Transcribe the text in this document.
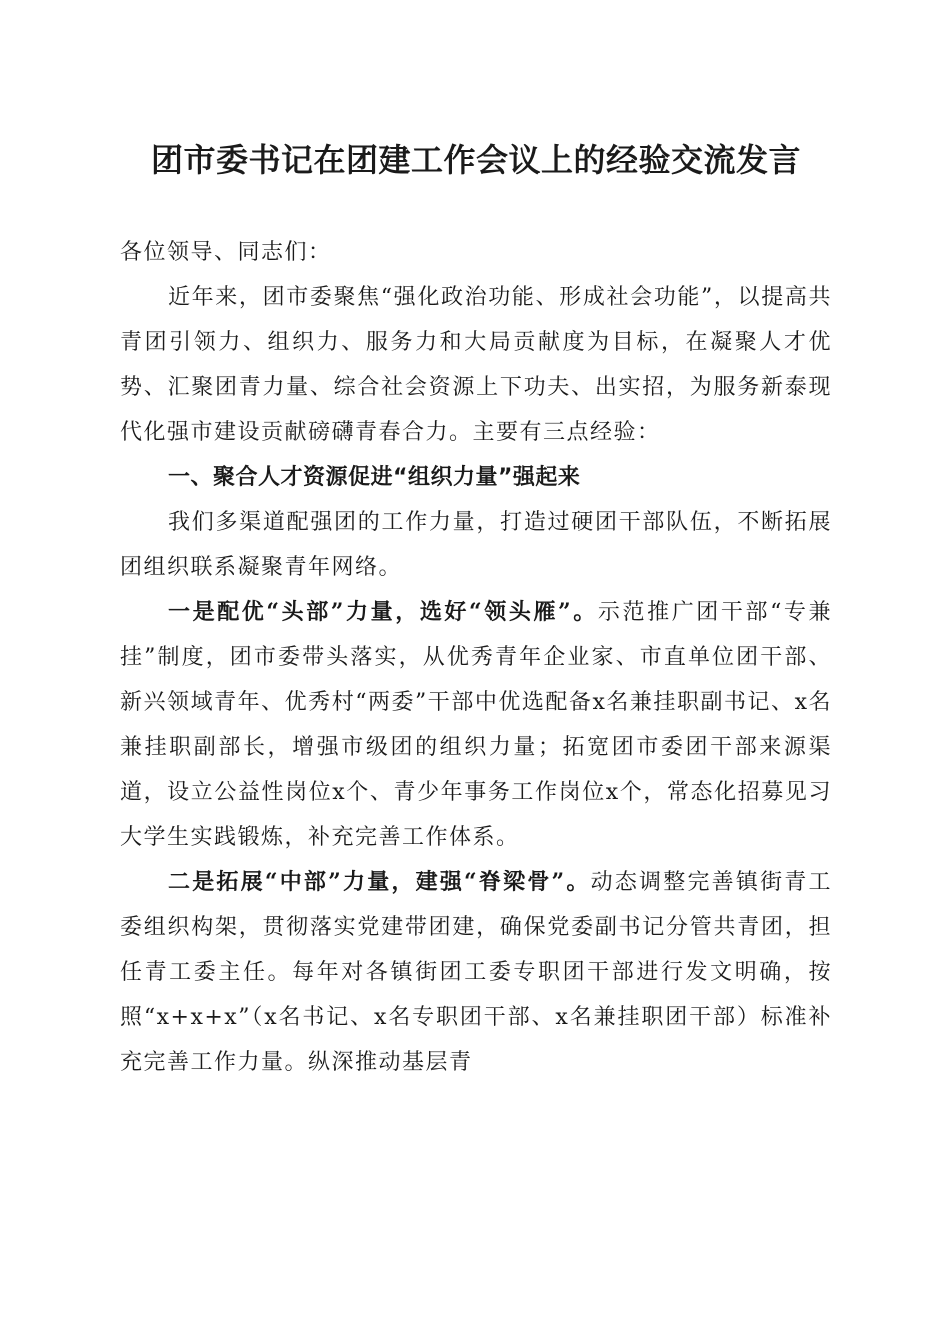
团市委书记在团建工作会议上的经验交流发言

各位领导、同志们：

近年来，团市委聚焦“强化政治功能、形成社会功能”，以提高共青团引领力、组织力、服务力和大局贡献度为目标，在凝聚人才优势、汇聚团青力量、综合社会资源上下功夫、出实招，为服务新泰现代化强市建设贡献磅礴青春合力。主要有三点经验：

一、聚合人才资源促进“组织力量”强起来

我们多渠道配强团的工作力量，打造过硬团干部队伍，不断拓展团组织联系凝聚青年网络。

一是配优“头部”力量，选好“领头雁”。示范推广团干部“专兼挂”制度，团市委带头落实，从优秀青年企业家、市直单位团干部、新兴领域青年、优秀村“两委”干部中优选配备x名兼挂职副书记、x名兼挂职副部长，增强市级团的组织力量；拓宽团市委团干部来源渠道，设立公益性岗位x个、青少年事务工作岗位x个，常态化招募见习大学生实践锻炼，补充完善工作体系。

二是拓展“中部”力量，建强“脊梁骨”。动态调整完善镇街青工委组织构架，贯彻落实党建带团建，确保党委副书记分管共青团，担任青工委主任。每年对各镇街团工委专职团干部进行发文明确，按照“x+x+x”（x名书记、x名专职团干部、x名兼挂职团干部）标准补充完善工作力量。纵深推动基层青
